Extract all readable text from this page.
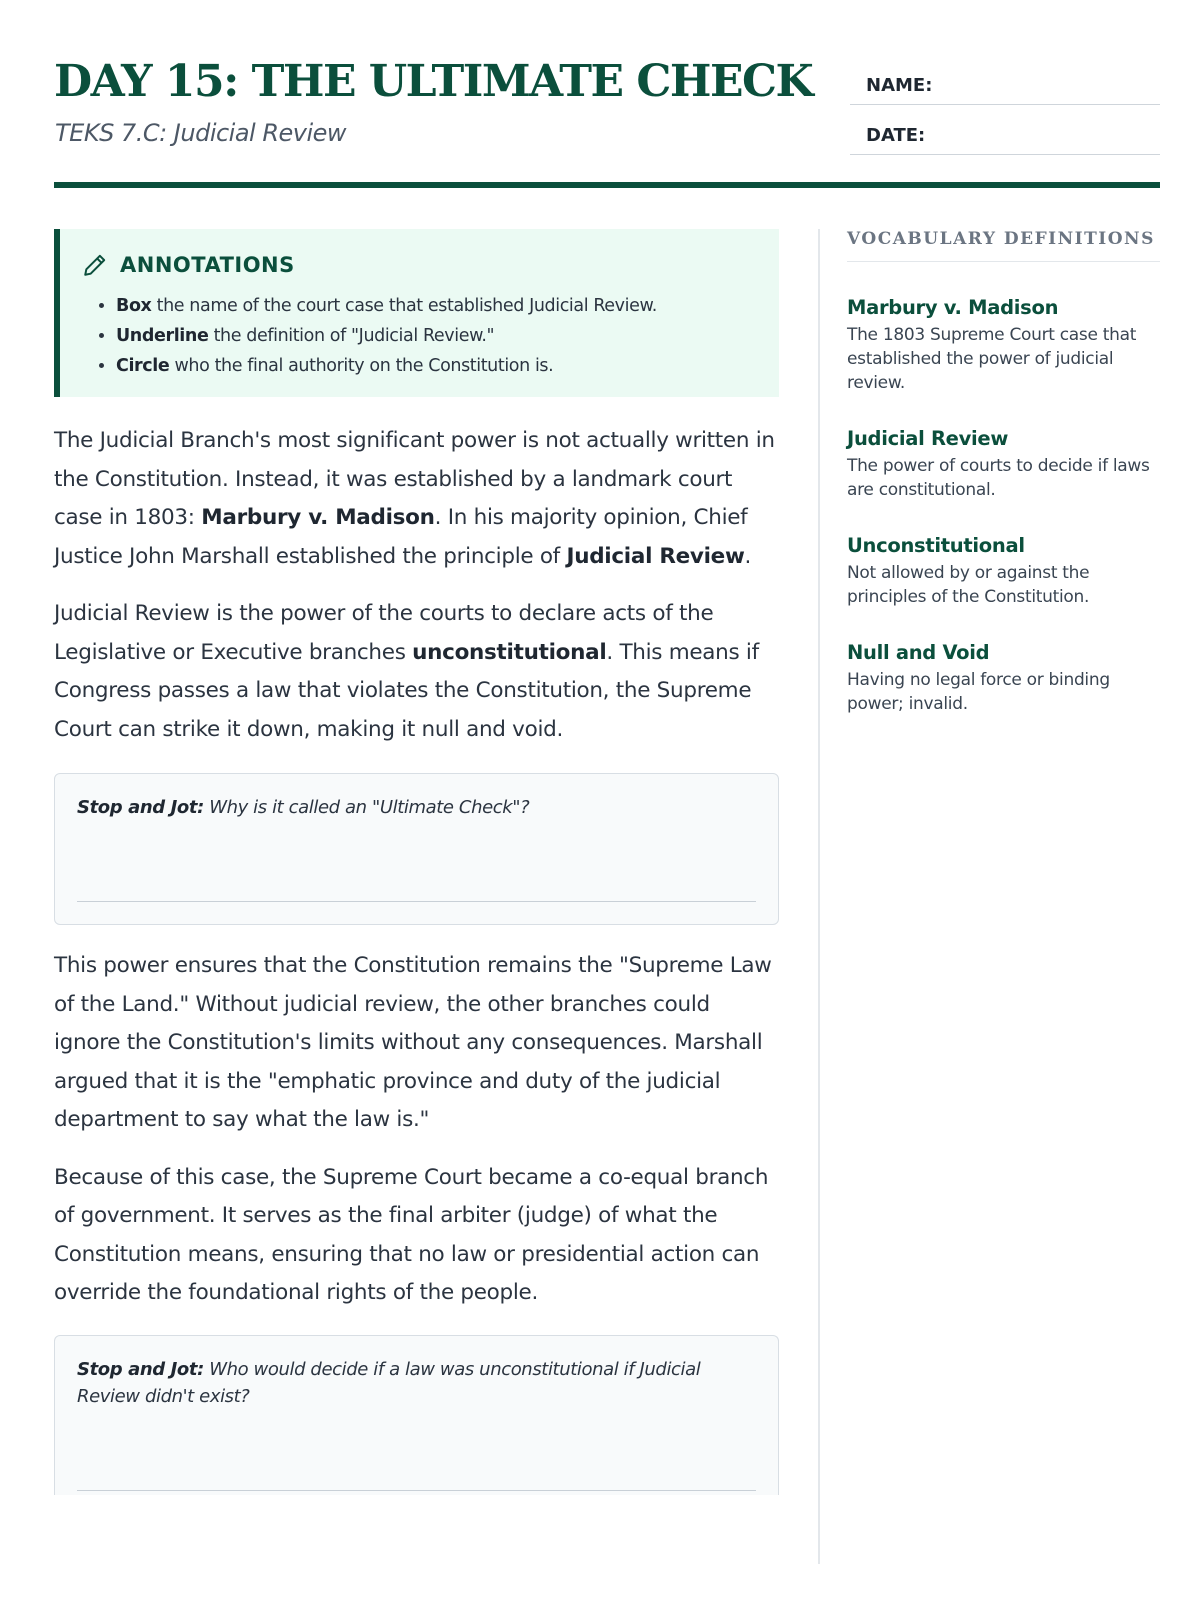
DAY 15: THE ULTIMATE CHECK

TEKS 7.C: Judicial Review

NAME:
DATE:
ANNOTATIONS
• Box the name of the court case that established Judicial Review.
• Underline the definition of "Judicial Review."
• Circle who the final authority on the Constitution is.

The Judicial Branch's most significant power is not actually written in the Constitution. Instead, it was established by a landmark court case in 1803: Marbury v. Madison. In his majority opinion, Chief Justice John Marshall established the principle of Judicial Review.

Judicial Review is the power of the courts to declare acts of the Legislative or Executive branches unconstitutional. This means if Congress passes a law that violates the Constitution, the Supreme Court can strike it down, making it null and void.

Stop and Jot: Why is it called an "Ultimate Check"?

This power ensures that the Constitution remains the "Supreme Law of the Land." Without judicial review, the other branches could ignore the Constitution's limits without any consequences. Marshall argued that it is the "emphatic province and duty of the judicial department to say what the law is."

Because of this case, the Supreme Court became a co-equal branch of government. It serves as the final arbiter (judge) of what the Constitution means, ensuring that no law or presidential action can override the foundational rights of the people.

Stop and Jot: Who would decide if a law was unconstitutional if Judicial Review didn't exist?
VOCABULARY DEFINITIONS
Marbury v. Madison
The 1803 Supreme Court case that established the power of judicial review.
Judicial Review
The power of courts to decide if laws are constitutional.
Unconstitutional
Not allowed by or against the principles of the Constitution.
Null and Void
Having no legal force or binding power; invalid.
